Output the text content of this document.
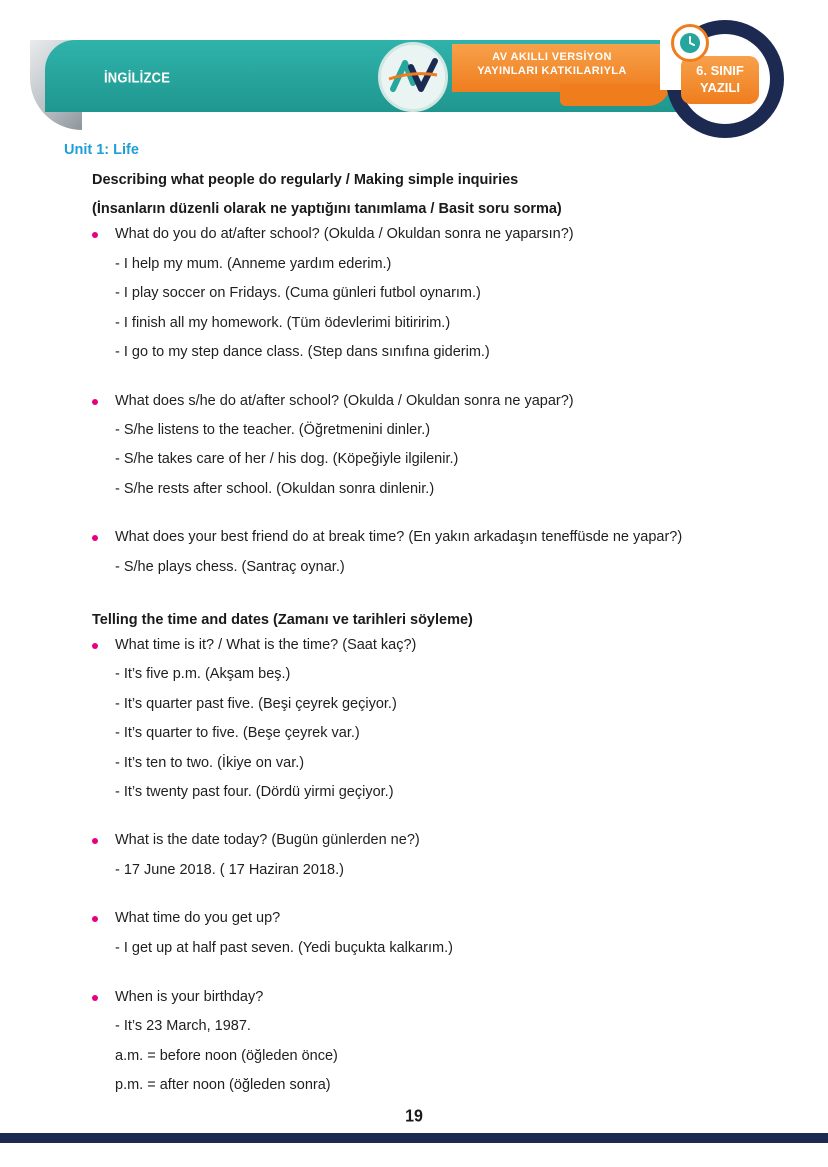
İNGİLİZCE
AV AKILLI VERSİYON
YAYINLARI KATKILARIYLA	6. SINIF
YAZILI
Unit 1: Life
Describing what people do regularly / Making simple inquiries
(İnsanların düzenli olarak ne yaptığını tanımlama / Basit soru sorma)
What do you do at/after school? (Okulda / Okuldan sonra ne yaparsın?)
- I help my mum. (Anneme yardım ederim.)
- I play soccer on Fridays. (Cuma günleri futbol oynarım.)
- I finish all my homework. (Tüm ödevlerimi bitiririm.)
- I go to my step dance class. (Step dans sınıfına giderim.)
What does s/he do at/after school? (Okulda / Okuldan sonra ne yapar?)
- S/he listens to the teacher. (Öğretmenini dinler.)
- S/he takes care of her / his dog. (Köpeğiyle ilgilenir.)
- S/he rests after school. (Okuldan sonra dinlenir.)
What does your best friend do at break time? (En yakın arkadaşın teneffüsde ne yapar?)
- S/he plays chess. (Santraç oynar.)
Telling the time and dates (Zamanı ve tarihleri söyleme)
What time is it? / What is the time? (Saat kaç?)
- It’s five p.m. (Akşam beş.)
- It’s quarter past five. (Beşi çeyrek geçiyor.)
- It’s quarter to five. (Beşe çeyrek var.)
- It’s ten to two. (İkiye on var.)
- It’s twenty past four. (Dördü yirmi geçiyor.)
What is the date today? (Bugün günlerden ne?)
- 17 June 2018. ( 17 Haziran 2018.)
What time do you get up?
- I get up at half past seven. (Yedi buçukta kalkarım.)
When is your birthday?
- It’s 23 March, 1987.
a.m. = before noon (öğleden önce)
p.m. = after noon (öğleden sonra)
19
